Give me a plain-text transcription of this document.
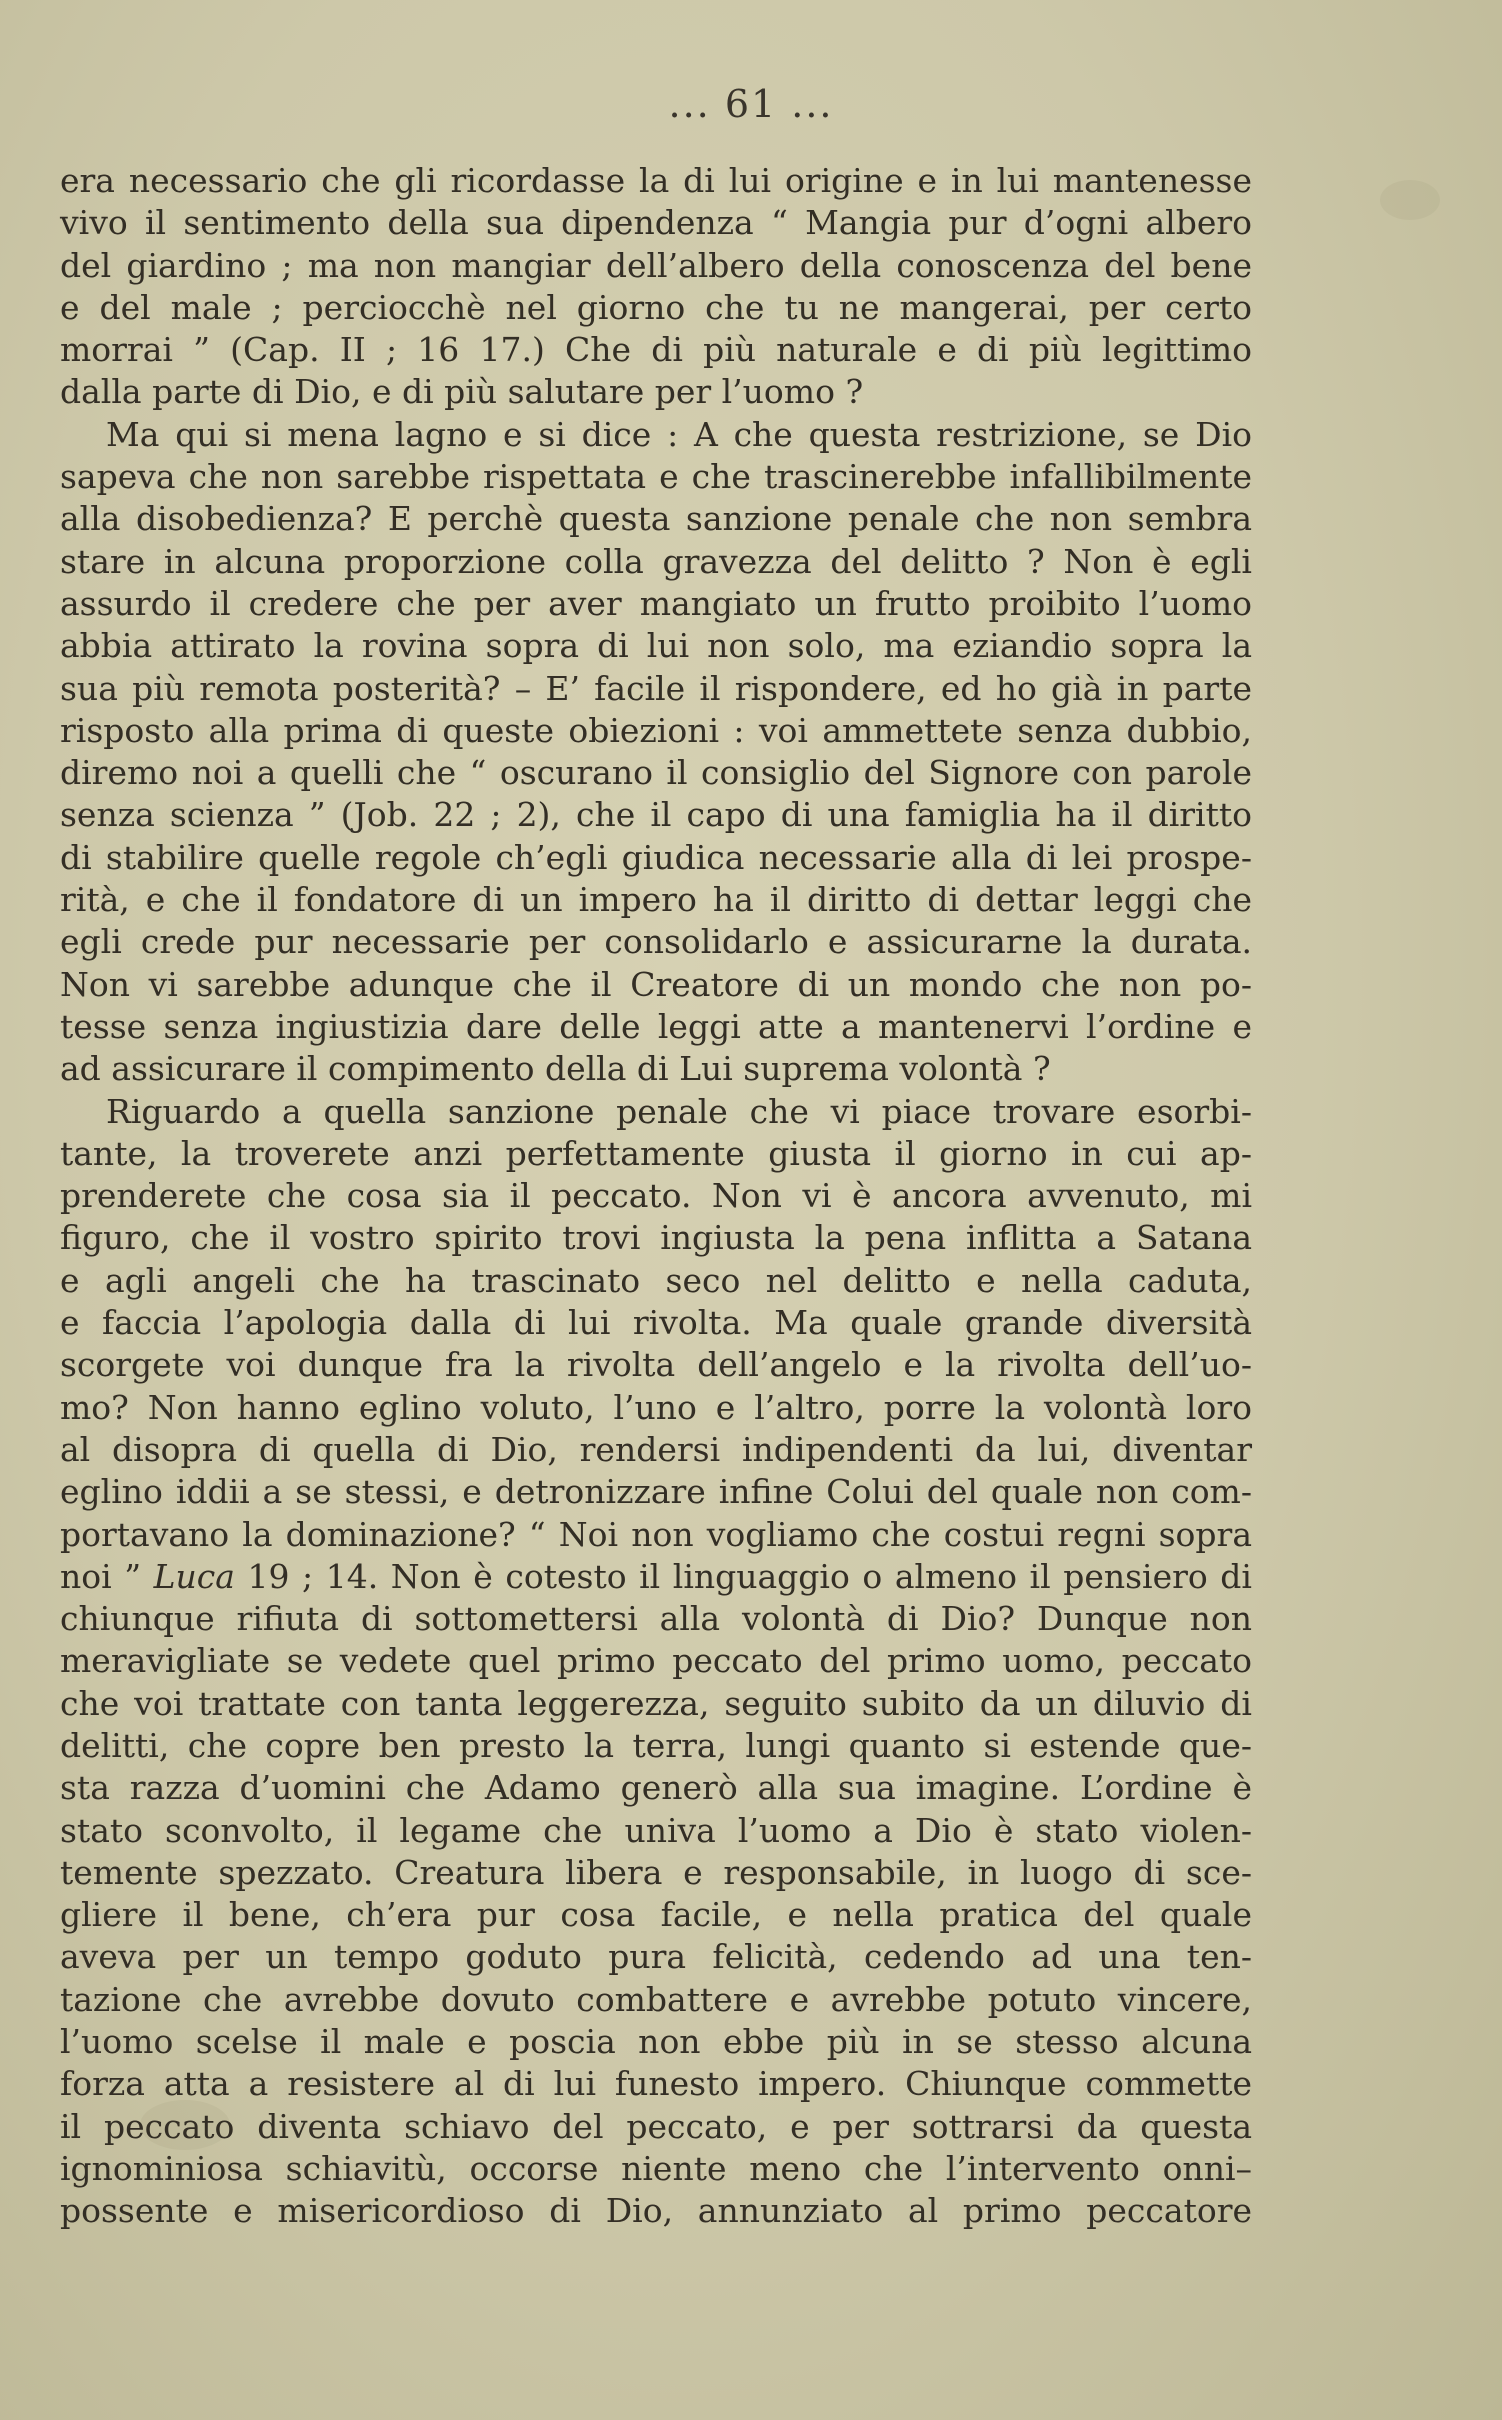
... 61 ...
era necessario che gli ricordasse la di lui origine e in lui mantenesse
vivo il sentimento della sua dipendenza “ Mangia pur d’ogni albero
del giardino ; ma non mangiar dell’albero della conoscenza del bene
e del male ; perciocchè nel giorno che tu ne mangerai, per certo
morrai ” (Cap. II ; 16 17.) Che di più naturale e di più legittimo
dalla parte di Dio, e di più salutare per l’uomo ?
Ma qui si mena lagno e si dice : A che questa restrizione, se Dio
sapeva che non sarebbe rispettata e che trascinerebbe infallibilmente
alla disobedienza? E perchè questa sanzione penale che non sembra
stare in alcuna proporzione colla gravezza del delitto ? Non è egli
assurdo il credere che per aver mangiato un frutto proibito l’uomo
abbia attirato la rovina sopra di lui non solo, ma eziandio sopra la
sua più remota posterità? – E’ facile il rispondere, ed ho già in parte
risposto alla prima di queste obiezioni : voi ammettete senza dubbio,
diremo noi a quelli che “ oscurano il consiglio del Signore con parole
senza scienza ” (Job. 22 ; 2), che il capo di una famiglia ha il diritto
di stabilire quelle regole ch’egli giudica necessarie alla di lei prospe-
rità, e che il fondatore di un impero ha il diritto di dettar leggi che
egli crede pur necessarie per consolidarlo e assicurarne la durata.
Non vi sarebbe adunque che il Creatore di un mondo che non po-
tesse senza ingiustizia dare delle leggi atte a mantenervi l’ordine e
ad assicurare il compimento della di Lui suprema volontà ?
Riguardo a quella sanzione penale che vi piace trovare esorbi-
tante, la troverete anzi perfettamente giusta il giorno in cui ap-
prenderete che cosa sia il peccato. Non vi è ancora avvenuto, mi
figuro, che il vostro spirito trovi ingiusta la pena inflitta a Satana
e agli angeli che ha trascinato seco nel delitto e nella caduta,
e faccia l’apologia dalla di lui rivolta. Ma quale grande diversità
scorgete voi dunque fra la rivolta dell’angelo e la rivolta dell’uo-
mo? Non hanno eglino voluto, l’uno e l’altro, porre la volontà loro
al disopra di quella di Dio, rendersi indipendenti da lui, diventar
eglino iddii a se stessi, e detronizzare infine Colui del quale non com-
portavano la dominazione? “ Noi non vogliamo che costui regni sopra
noi ” Luca 19 ; 14. Non è cotesto il linguaggio o almeno il pensiero di
chiunque rifiuta di sottomettersi alla volontà di Dio? Dunque non
meravigliate se vedete quel primo peccato del primo uomo, peccato
che voi trattate con tanta leggerezza, seguito subito da un diluvio di
delitti, che copre ben presto la terra, lungi quanto si estende que-
sta razza d’uomini che Adamo generò alla sua imagine. L’ordine è
stato sconvolto, il legame che univa l’uomo a Dio è stato violen-
temente spezzato. Creatura libera e responsabile, in luogo di sce-
gliere il bene, ch’era pur cosa facile, e nella pratica del quale
aveva per un tempo goduto pura felicità, cedendo ad una ten-
tazione che avrebbe dovuto combattere e avrebbe potuto vincere,
l’uomo scelse il male e poscia non ebbe più in se stesso alcuna
forza atta a resistere al di lui funesto impero. Chiunque commette
il peccato diventa schiavo del peccato, e per sottrarsi da questa
ignominiosa schiavitù, occorse niente meno che l’intervento onni–
possente e misericordioso di Dio, annunziato al primo peccatore
